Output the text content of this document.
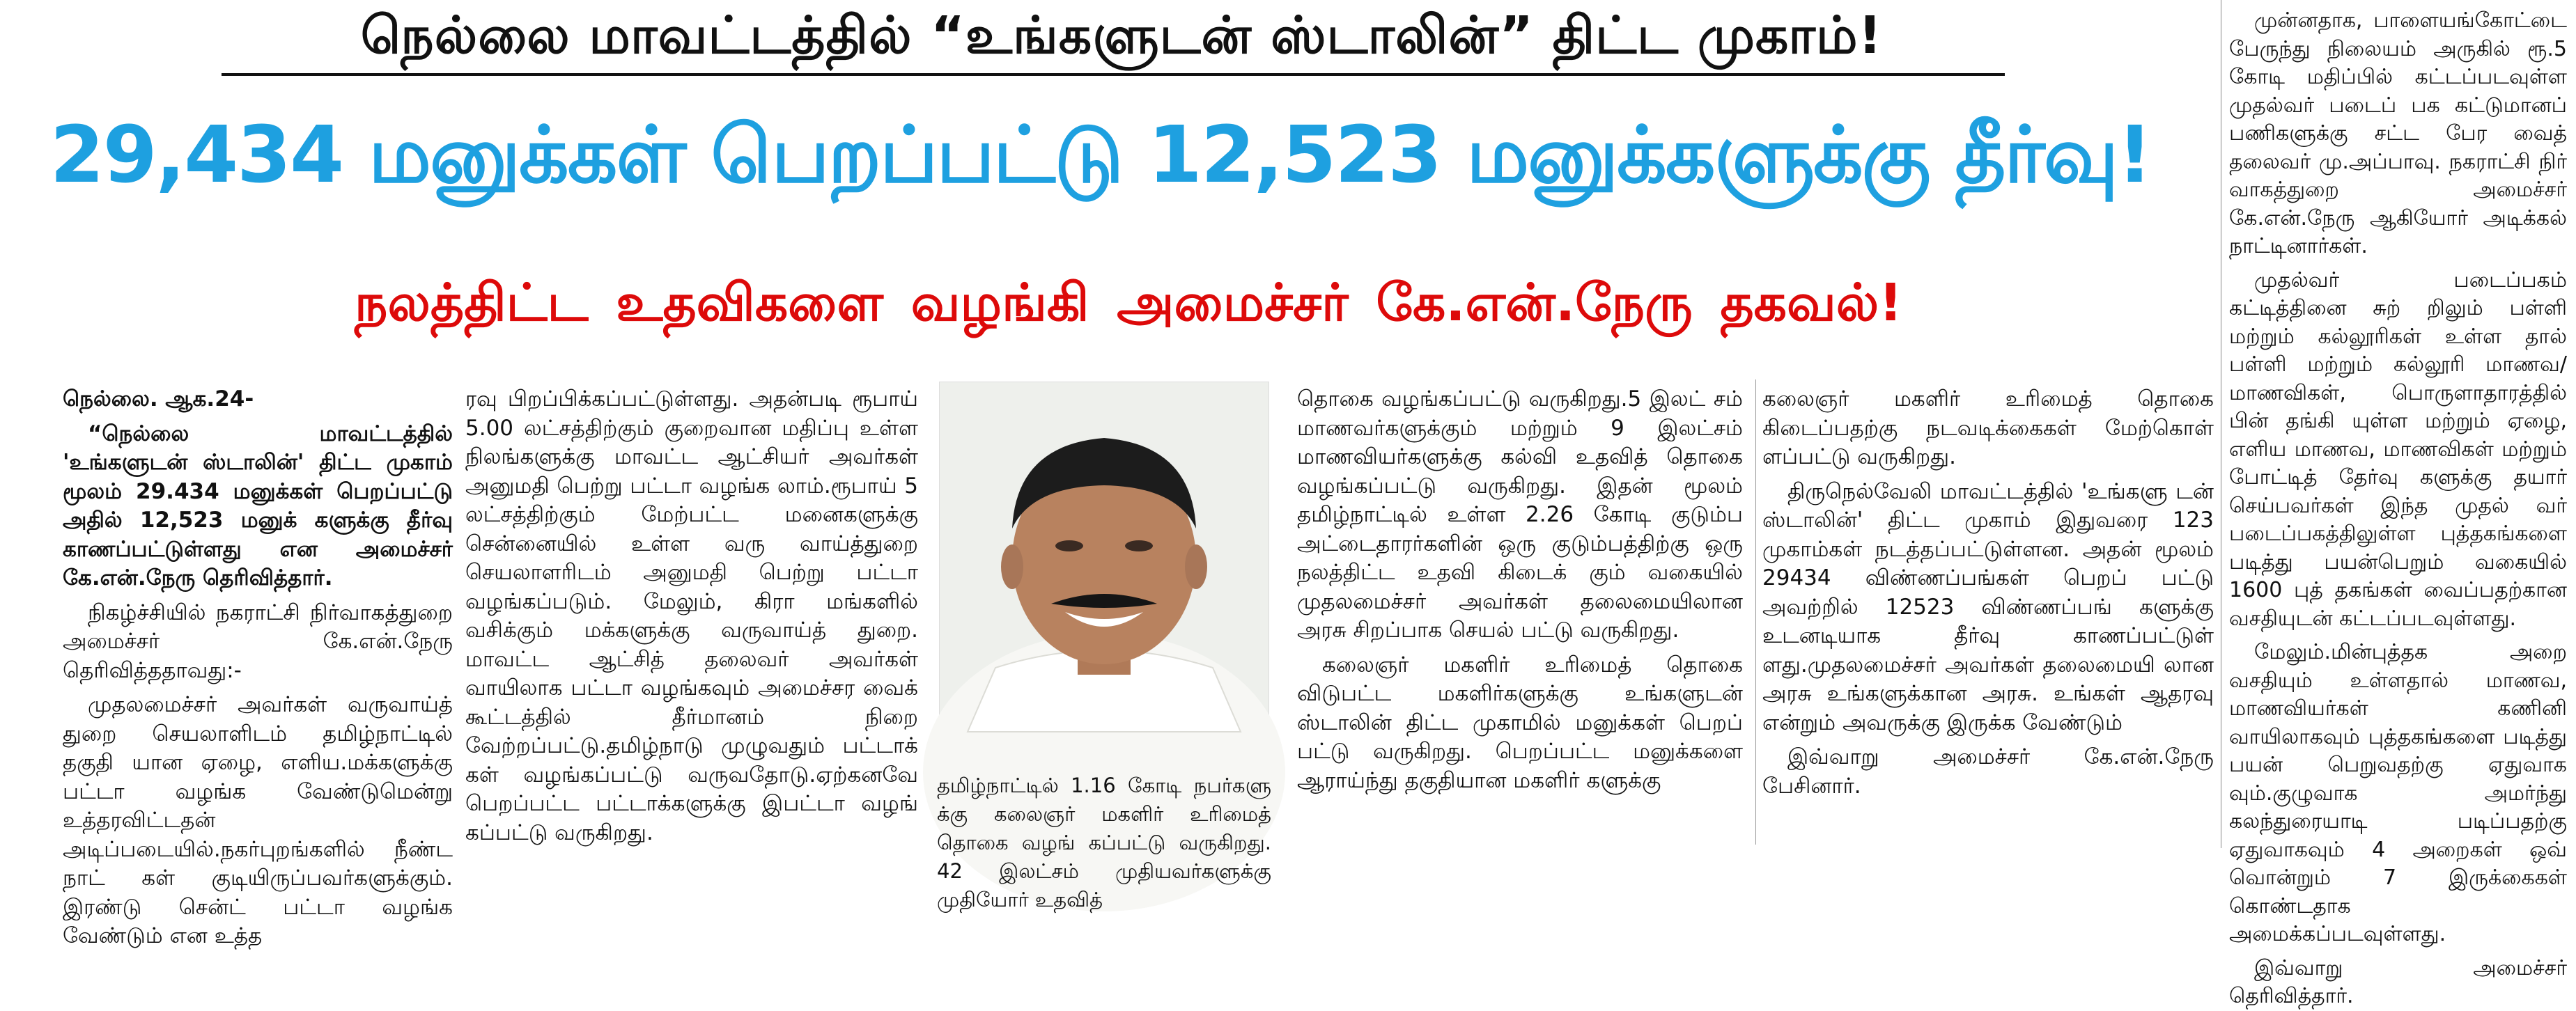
நெல்லை மாவட்டத்தில் “உங்களுடன் ஸ்டாலின்” திட்ட முகாம்!
29,434 மனுக்கள் பெறப்பட்டு 12,523 மனுக்களுக்கு தீர்வு!
நலத்திட்ட உதவிகளை வழங்கி அமைச்சர் கே.என்.நேரு தகவல்!

நெல்லை. ஆக.24-

“நெல்லை மாவட்டத்தில் 'உங்களுடன் ஸ்டாலின்' திட்ட முகாம் மூலம் 29.434 மனுக்கள் பெறப்பட்டு அதில் 12,523 மனுக் களுக்கு தீர்வு காணப்பட்டுள்ளது என அமைச்சர் கே.என்.நேரு தெரிவித்தார்.

நிகழ்ச்சியில் நகராட்சி நிர்வாகத்துறை அமைச்சர் கே.என்.நேரு தெரிவித்ததாவது:-

முதலமைச்சர் அவர்கள் வருவாய்த் துறை செயலாளிடம் தமிழ்நாட்டில் தகுதி யான ஏழை, எளிய.மக்களுக்கு பட்டா வழங்க வேண்டுமென்று உத்தரவிட்டதன் அடிப்படையில்.நகர்புறங்களில் நீண்ட நாட் கள் குடியிருப்பவர்களுக்கும். இரண்டு சென்ட் பட்டா வழங்க வேண்டும் என உத்த

ரவு பிறப்பிக்கப்பட்டுள்ளது. அதன்படி ரூபாய் 5.00 லட்சத்திற்கும் குறைவான மதிப்பு உள்ள நிலங்களுக்கு மாவட்ட ஆட்சியர் அவர்கள் அனுமதி பெற்று பட்டா வழங்க லாம்.ரூபாய் 5 லட்சத்திற்கும் மேற்பட்ட மனைகளுக்கு சென்னையில் உள்ள வரு வாய்த்துறை செயலாளரிடம் அனுமதி பெற்று பட்டா வழங்கப்படும். மேலும், கிரா மங்களில் வசிக்கும் மக்களுக்கு வருவாய்த் துறை. மாவட்ட ஆட்சித் தலைவர் அவர்கள் வாயிலாக பட்டா வழங்கவும் அமைச்சர வைக் கூட்டத்தில் தீர்மானம் நிறை வேற்றப்பட்டு.தமிழ்நாடு முழுவதும் பட்டாக் கள் வழங்கப்பட்டு வருவதோடு.ஏற்கனவே பெறப்பட்ட பட்டாக்களுக்கு இபட்டா வழங் கப்பட்டு வருகிறது.

தமிழ்நாட்டில் 1.16 கோடி நபர்களு க்கு கலைஞர் மகளிர் உரிமைத் தொகை வழங் கப்பட்டு வருகிறது. 42 இலட்சம் முதியவர்களுக்கு முதியோர் உதவித்

தொகை வழங்கப்பட்டு வருகிறது.5 இலட் சம் மாணவர்களுக்கும் மற்றும் 9 இலட்சம் மாணவியர்களுக்கு கல்வி உதவித் தொகை வழங்கப்பட்டு வருகிறது. இதன் மூலம் தமிழ்நாட்டில் உள்ள 2.26 கோடி குடும்ப அட்டைதாரர்களின் ஒரு குடும்பத்திற்கு ஒரு நலத்திட்ட உதவி கிடைக் கும் வகையில் முதலமைச்சர் அவர்கள் தலைமையிலான அரசு சிறப்பாக செயல் பட்டு வருகிறது.

கலைஞர் மகளிர் உரிமைத் தொகை விடுபட்ட மகளிர்களுக்கு உங்களுடன் ஸ்டாலின் திட்ட முகாமில் மனுக்கள் பெறப் பட்டு வருகிறது. பெறப்பட்ட மனுக்களை ஆராய்ந்து தகுதியான மகளிர் களுக்கு

கலைஞர் மகளிர் உரிமைத் தொகை கிடைப்பதற்கு நடவடிக்கைகள் மேற்கொள் ளப்பட்டு வருகிறது.

திருநெல்வேலி மாவட்டத்தில் 'உங்களு டன் ஸ்டாலின்' திட்ட முகாம் இதுவரை 123 முகாம்கள் நடத்தப்பட்டுள்ளன. அதன் மூலம் 29434 விண்ணப்பங்கள் பெறப் பட்டு அவற்றில் 12523 விண்ணப்பங் களுக்கு உடனடியாக தீர்வு காணப்பட்டுள் ளது.முதலமைச்சர் அவர்கள் தலைமையி லான அரசு உங்களுக்கான அரசு. உங்கள் ஆதரவு என்றும் அவருக்கு இருக்க வேண்டும்

இவ்வாறு அமைச்சர் கே.என்.நேரு பேசினார்.

முன்னதாக, பாளையங்கோட்டை பேருந்து நிலையம் அருகில் ரூ.5 கோடி மதிப்பில் கட்டப்படவுள்ள முதல்வர் படைப் பக கட்டுமானப் பணிகளுக்கு சட்ட பேர வைத் தலைவர் மு.அப்பாவு. நகராட்சி நிர் வாகத்துறை அமைச்சர் கே.என்.நேரு ஆகியோர் அடிக்கல் நாட்டினார்கள்.

முதல்வர் படைப்பகம் கட்டித்தினை சுற் றிலும் பள்ளி மற்றும் கல்லூரிகள் உள்ள தால் பள்ளி மற்றும் கல்லூரி மாணவ/ மாணவிகள், பொருளாதாரத்தில் பின் தங்கி யுள்ள மற்றும் ஏழை, எளிய மாணவ, மாணவிகள் மற்றும் போட்டித் தேர்வு களுக்கு தயார் செய்பவர்கள் இந்த முதல் வர் படைப்பகத்திலுள்ள புத்தகங்களை படித்து பயன்பெறும் வகையில் 1600 புத் தகங்கள் வைப்பதற்கான வசதியுடன் கட்டப்படவுள்ளது.

மேலும்.மின்புத்தக அறை வசதியும் உள்ளதால் மாணவ, மாணவியர்கள் கணினி வாயிலாகவும் புத்தகங்களை படித்து பயன் பெறுவதற்கு ஏதுவாக வும்.குழுவாக அமர்ந்து கலந்துரையாடி படிப்பதற்கு ஏதுவாகவும் 4 அறைகள் ஒவ் வொன்றும் 7 இருக்கைகள் கொண்டதாக அமைக்கப்படவுள்ளது.

இவ்வாறு அமைச்சர் தெரிவித்தார்.
